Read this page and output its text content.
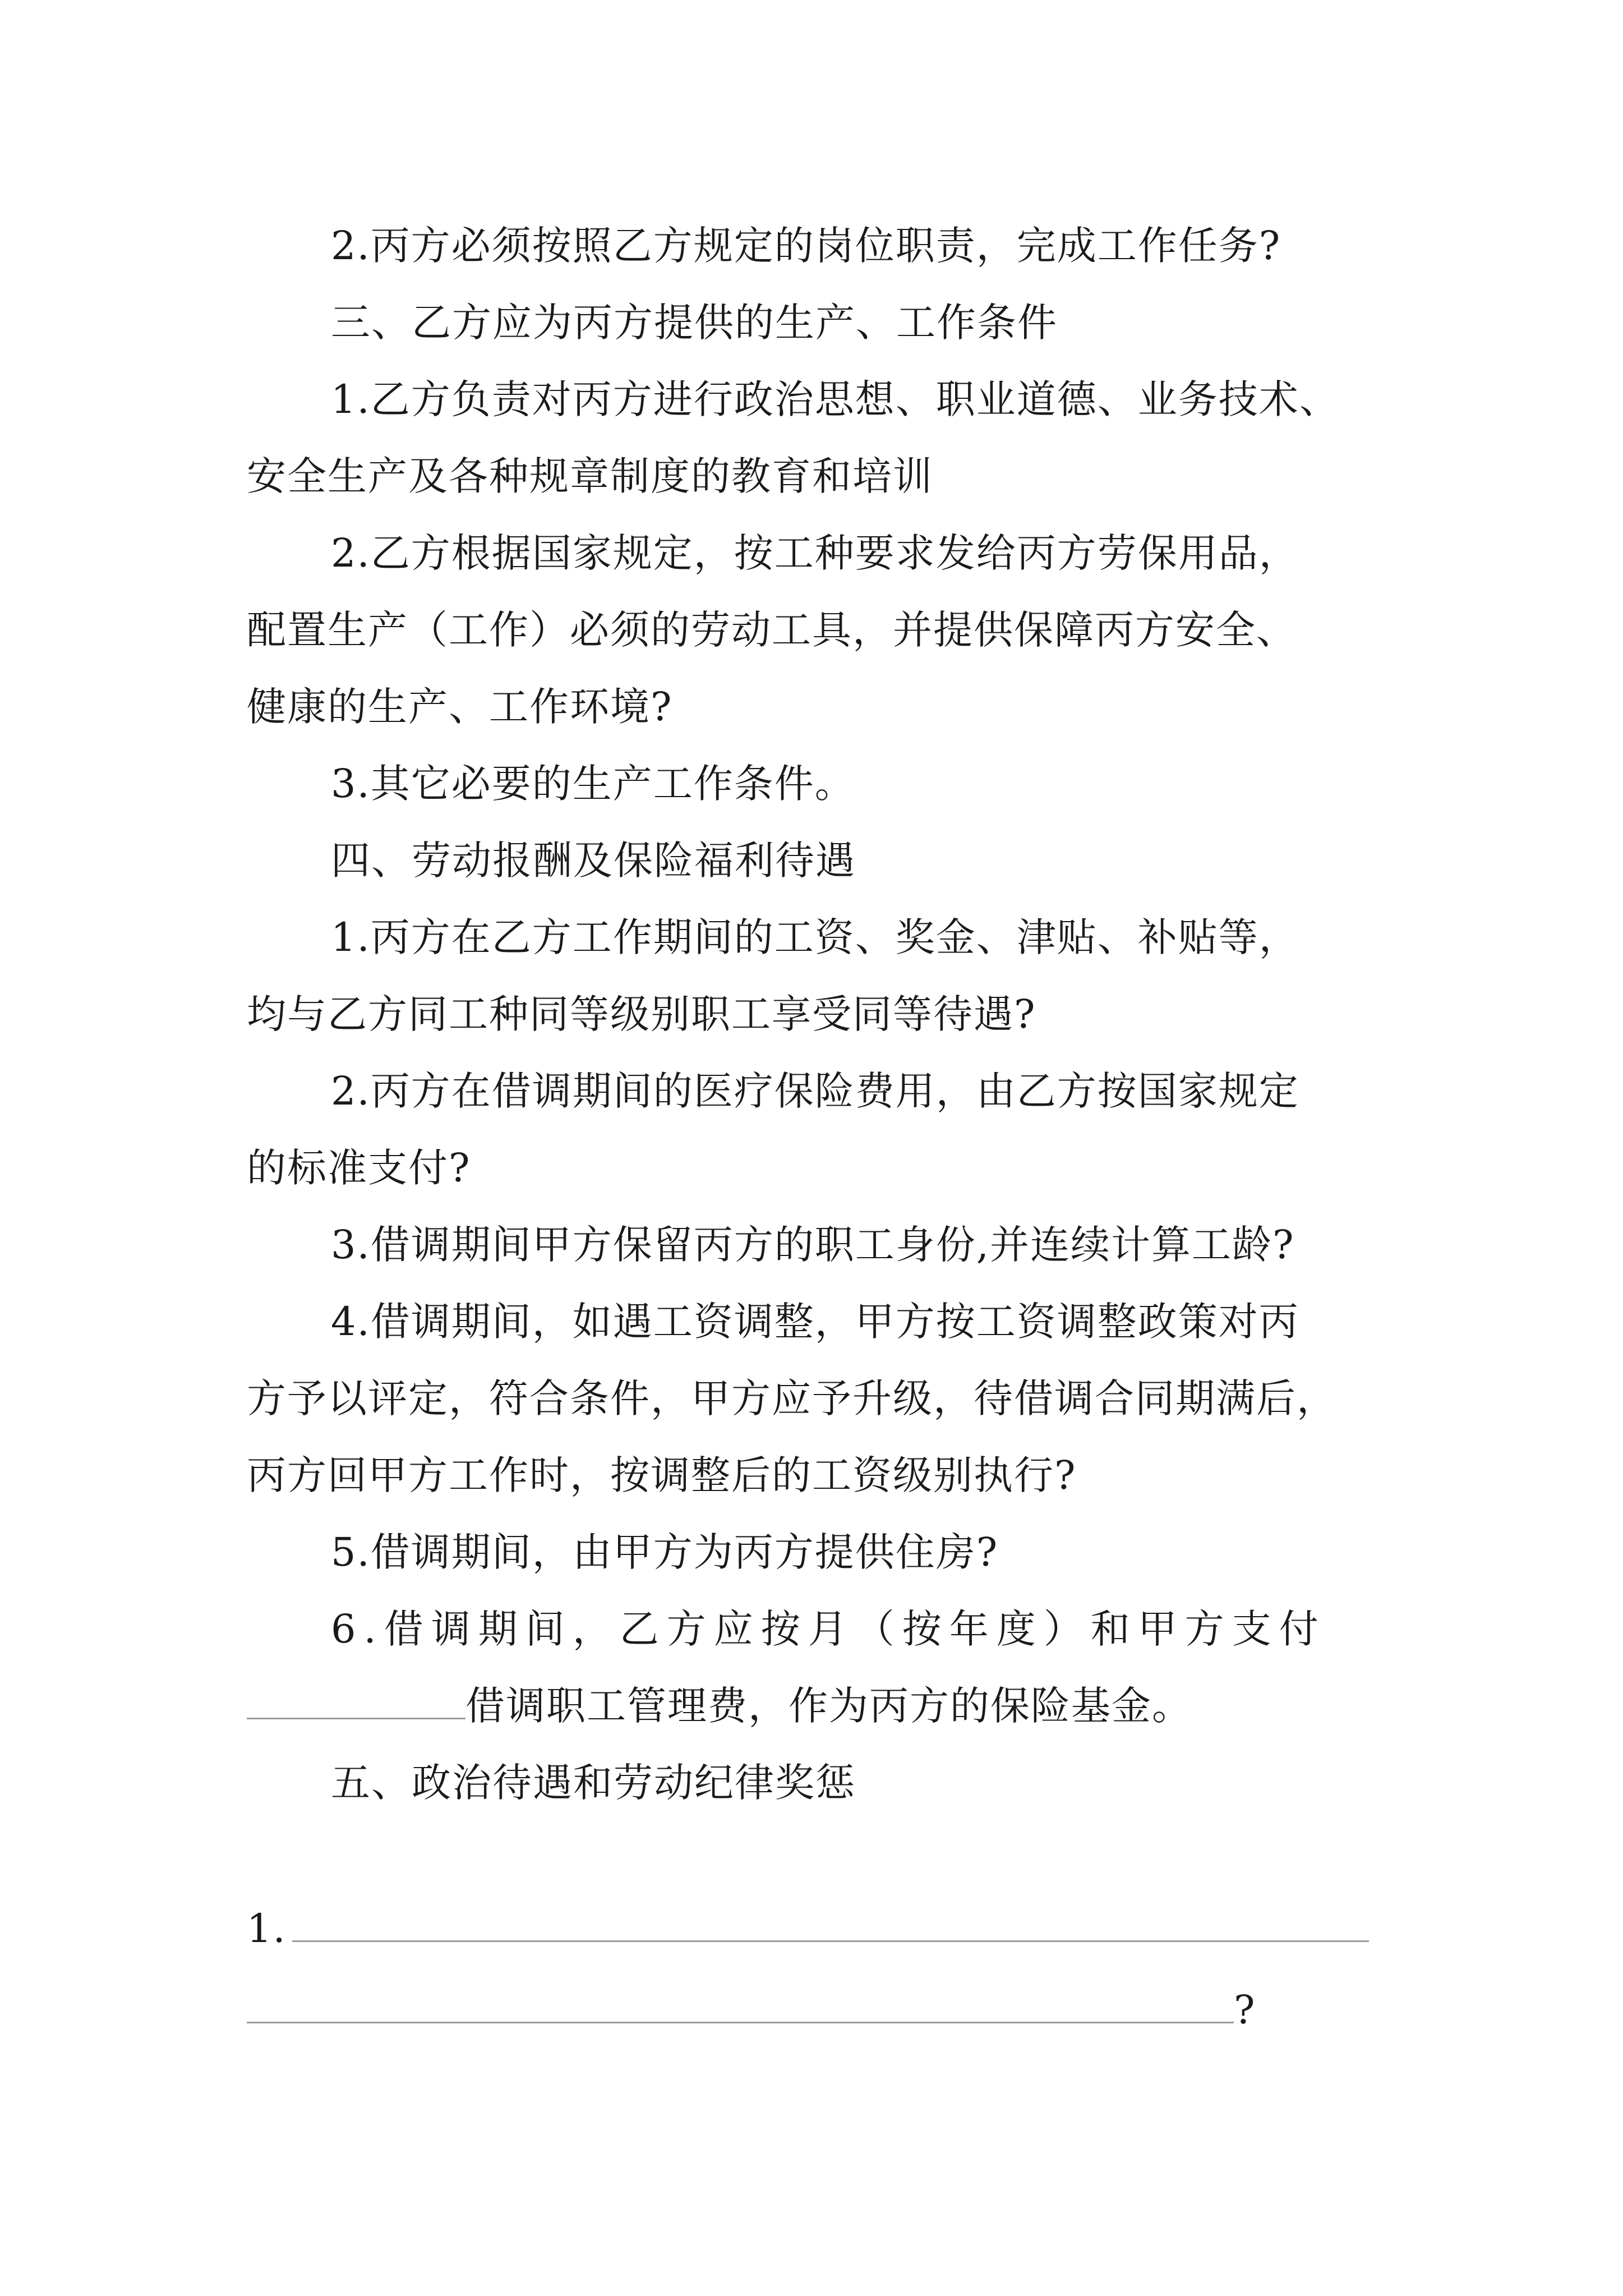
2.丙方必须按照乙方规定的岗位职责，完成工作任务?
三、乙方应为丙方提供的生产、工作条件
1.乙方负责对丙方进行政治思想、职业道德、业务技术、
安全生产及各种规章制度的教育和培训
2.乙方根据国家规定，按工种要求发给丙方劳保用品，
配置生产（工作）必须的劳动工具，并提供保障丙方安全、
健康的生产、工作环境?
3.其它必要的生产工作条件。
四、劳动报酬及保险福利待遇
1.丙方在乙方工作期间的工资、奖金、津贴、补贴等，
均与乙方同工种同等级别职工享受同等待遇?
2.丙方在借调期间的医疗保险费用，由乙方按国家规定
的标准支付?
3.借调期间甲方保留丙方的职工身份,并连续计算工龄?
4.借调期间，如遇工资调整，甲方按工资调整政策对丙
方予以评定，符合条件，甲方应予升级，待借调合同期满后，
丙方回甲方工作时，按调整后的工资级别执行?
5.借调期间，由甲方为丙方提供住房?
6.借调期间，乙方应按月（按年度）和甲方支付
借调职工管理费，作为丙方的保险基金。
五、政治待遇和劳动纪律奖惩
1.
?
